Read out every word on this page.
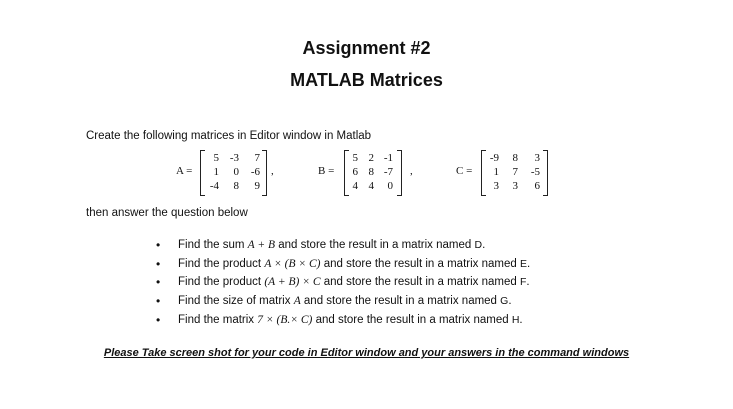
Assignment #2
MATLAB Matrices
Create the following matrices in Editor window in Matlab
A =
5 -3	7
1	0	-6
-4	8	9
,	B =
5 2 -1
6 8 -7
4 4	0
,	C =
-9	8	3
1	7	-5
3	3	6
then answer the question below
• Find the sum A + B and store the result in a matrix named D.
• Find the product A × (B × C) and store the result in a matrix named E.
• Find the product (A + B) × C and store the result in a matrix named F.
• Find the size of matrix A and store the result in a matrix named G.
• Find the matrix 7 × (B.× C) and store the result in a matrix named H.
Please Take screen shot for your code in Editor window and your answers in the command windows
